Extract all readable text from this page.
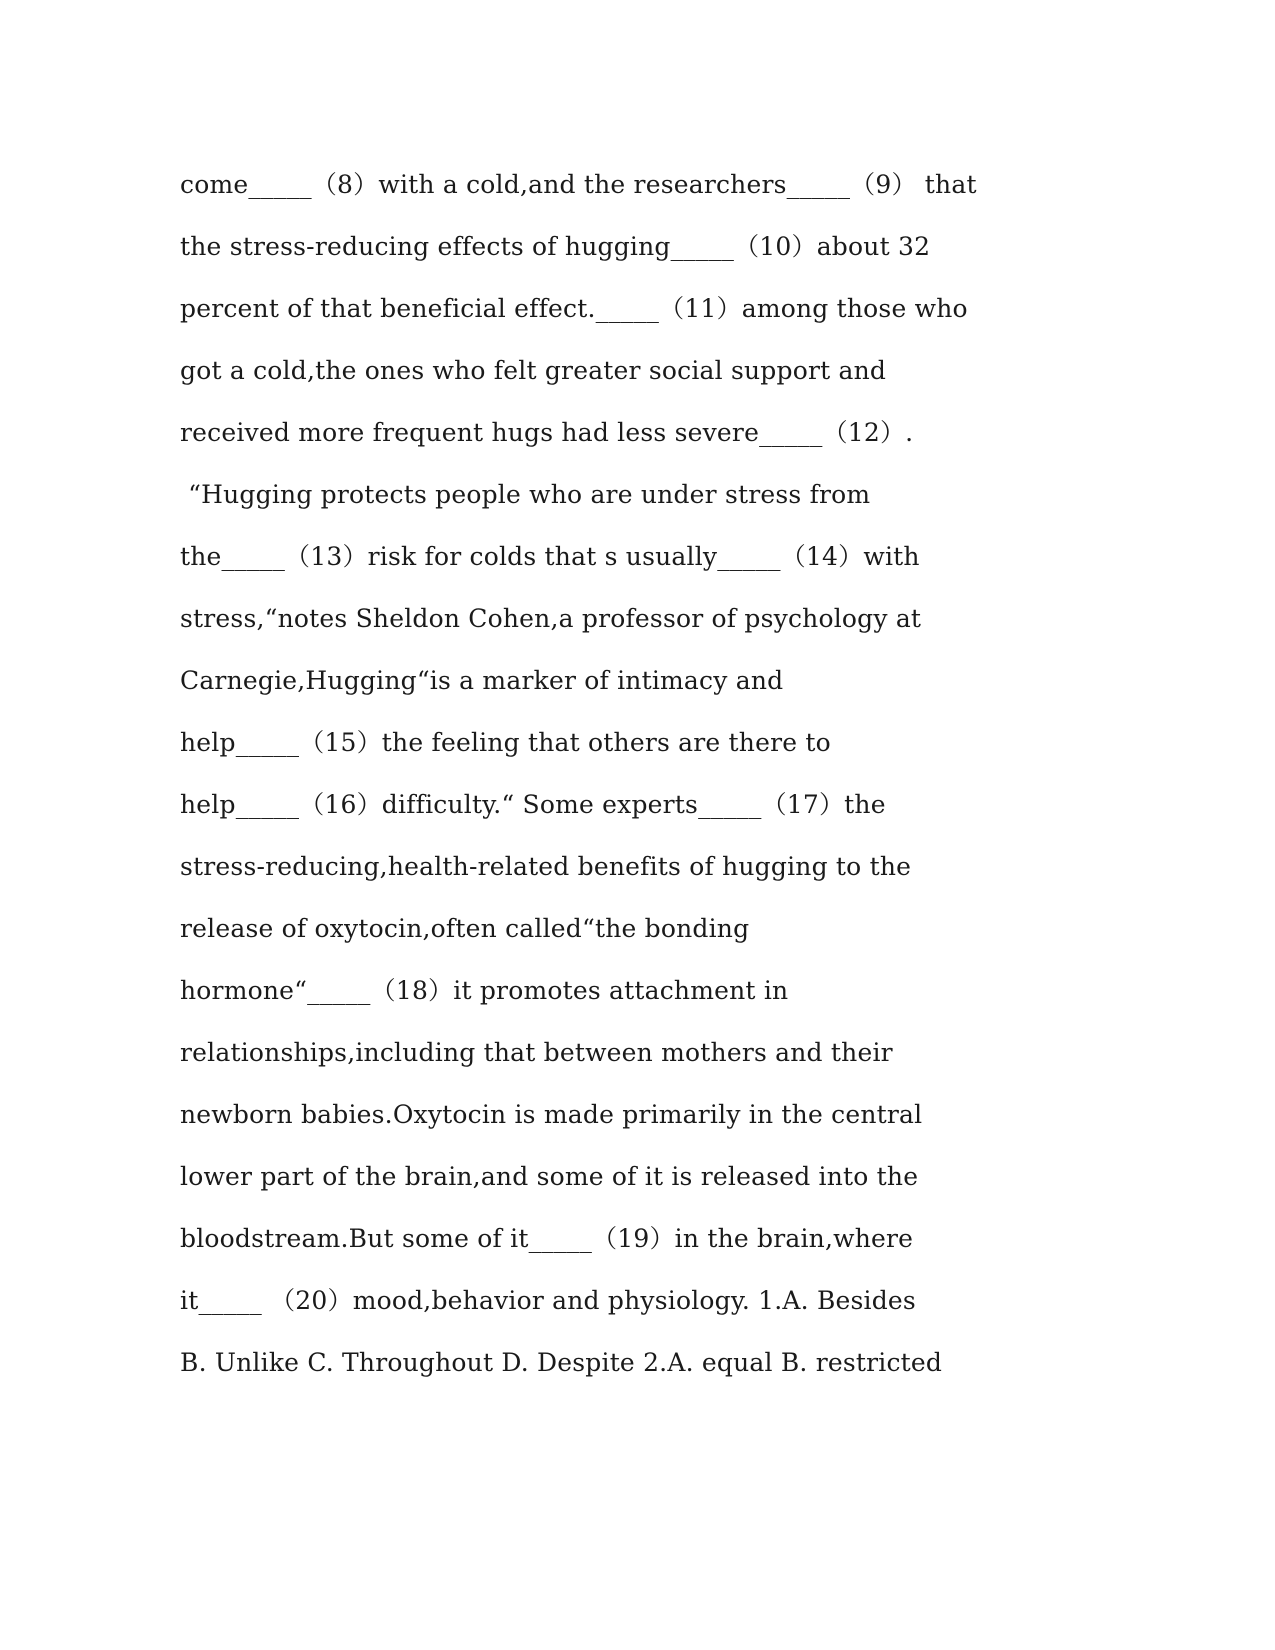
come_____（8）with a cold,and the researchers_____（9） that
the stress-reducing effects of hugging_____（10）about 32
percent of that beneficial effect._____（11）among those who
got a cold,the ones who felt greater social support and
received more frequent hugs had less severe_____（12）.
“Hugging protects people who are under stress from
the_____（13）risk for colds that s usually_____（14）with
stress,“notes Sheldon Cohen,a professor of psychology at
Carnegie,Hugging“is a marker of intimacy and
help_____（15）the feeling that others are there to
help_____（16）difficulty.“ Some experts_____（17）the
stress-reducing,health-related benefits of hugging to the
release of oxytocin,often called“the bonding
hormone“_____（18）it promotes attachment in
relationships,including that between mothers and their
newborn babies.Oxytocin is made primarily in the central
lower part of the brain,and some of it is released into the
bloodstream.But some of it_____（19）in the brain,where
it_____ （20）mood,behavior and physiology. 1.A. Besides
B. Unlike C. Throughout D. Despite 2.A. equal B. restricted
